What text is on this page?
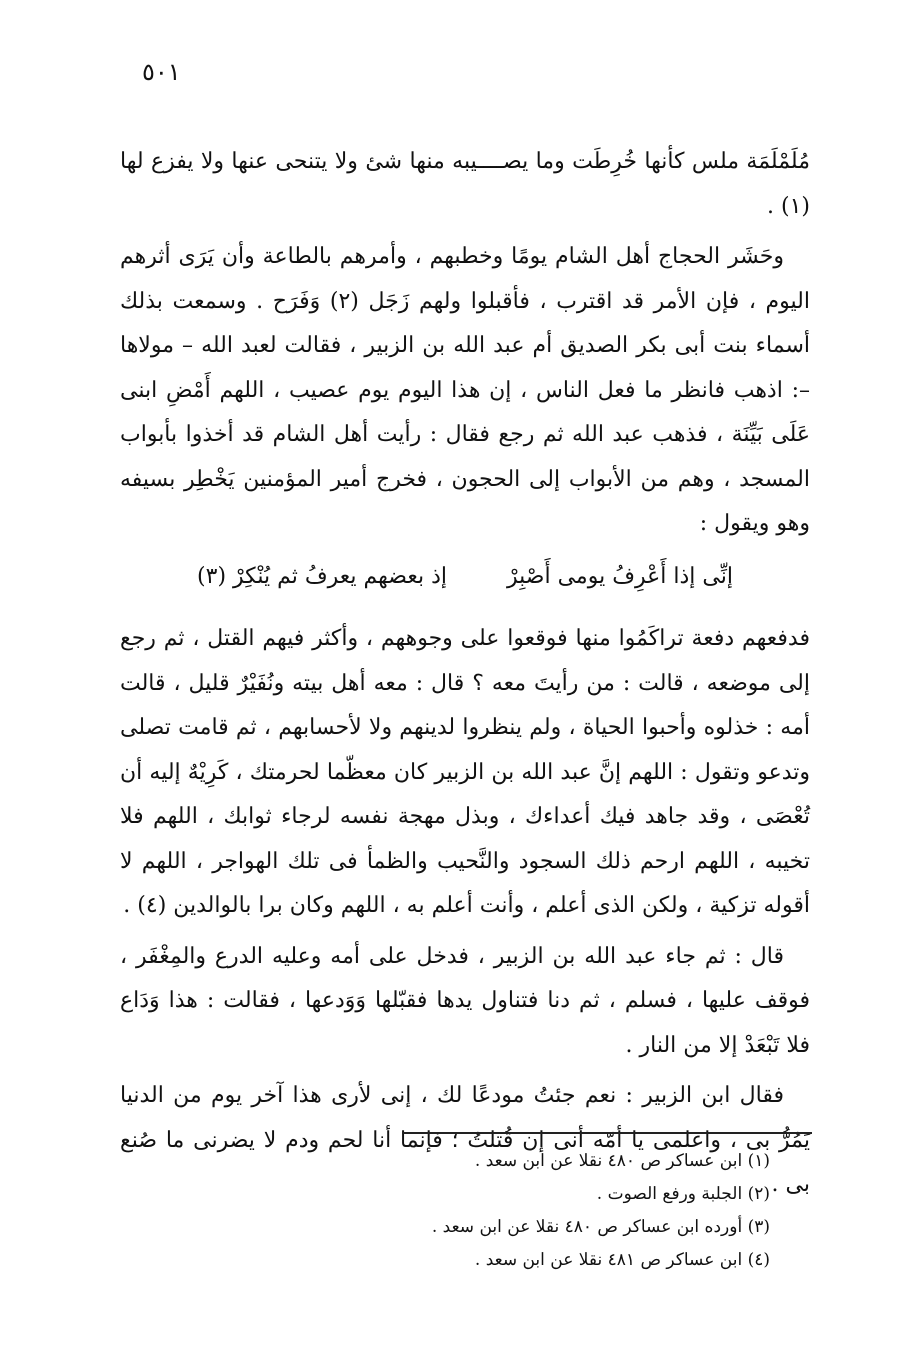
٥٠١

مُلَمْلَمَة ملس كأنها خُرِطَت وما يصــــيبه منها شئ ولا يتنحى عنها ولا يفزع لها (١) .

وحَشَر الحجاج أهل الشام يومًا وخطبهم ، وأمرهم بالطاعة وأن يَرَى أثرهم اليوم ، فإن الأمر قد اقترب ، فأقبلوا ولهم زَجَل (٢) وَفَرَح . وسمعت بذلك أسماء بنت أبى بكر الصديق أم عبد الله بن الزبير ، فقالت لعبد الله – مولاها –: اذهب فانظر ما فعل الناس ، إن هذا اليوم يوم عصيب ، اللهم أَمْضِ ابنى عَلَى بَيِّنَة ، فذهب عبد الله ثم رجع فقال : رأيت أهل الشام قد أخذوا بأبواب المسجد ، وهم من الأبواب إلى الحجون ، فخرج أمير المؤمنين يَخْطِر بسيفه وهو ويقول :

إنِّى إذا أَعْرِفُ يومى أَصْبِرْ
إذ بعضهم يعرفُ ثم يُنْكِرْ (٣)

فدفعهم دفعة تراكَمُوا منها فوقعوا على وجوههم ، وأكثر فيهم القتل ، ثم رجع إلى موضعه ، قالت : من رأيتَ معه ؟ قال : معه أهل بيته ونُفَيْرٌ قليل ، قالت أمه : خذلوه وأحبوا الحياة ، ولم ينظروا لدينهم ولا لأحسابهم ، ثم قامت تصلى وتدعو وتقول : اللهم إنَّ عبد الله بن الزبير كان معظّما لحرمتك ، كَرِيْهٌ إليه أن تُعْصَى ، وقد جاهد فيك أعداءك ، وبذل مهجة نفسه لرجاء ثوابك ، اللهم فلا تخيبه ، اللهم ارحم ذلك السجود والنَّحيب والظمأ فى تلك الهواجر ، اللهم لا أقوله تزكية ، ولكن الذى أعلم ، وأنت أعلم به ، اللهم وكان برا بالوالدين (٤) .

قال : ثم جاء عبد الله بن الزبير ، فدخل على أمه وعليه الدرع والمِغْفَر ، فوقف عليها ، فسلم ، ثم دنا فتناول يدها فقبّلها وَوَدعها ، فقالت : هذا وَدَاع فلا تَبْعَدْ إلا من النار .

فقال ابن الزبير : نعم جئتُ مودعًا لك ، إنى لأرى هذا آخر يوم من الدنيا يَمُرُّ بى ، واعلمى يا أمّه أنى إن قُتلتُ ؛ فإنما أنا لحم ودم لا يضرنى ما صُنع بى .

(١) ابن عساكر ص ٤٨٠ نقلا عن ابن سعد .
(٢) الجلبة ورفع الصوت .
(٣) أورده ابن عساكر ص ٤٨٠ نقلا عن ابن سعد .
(٤) ابن عساكر ص ٤٨١ نقلا عن ابن سعد .
